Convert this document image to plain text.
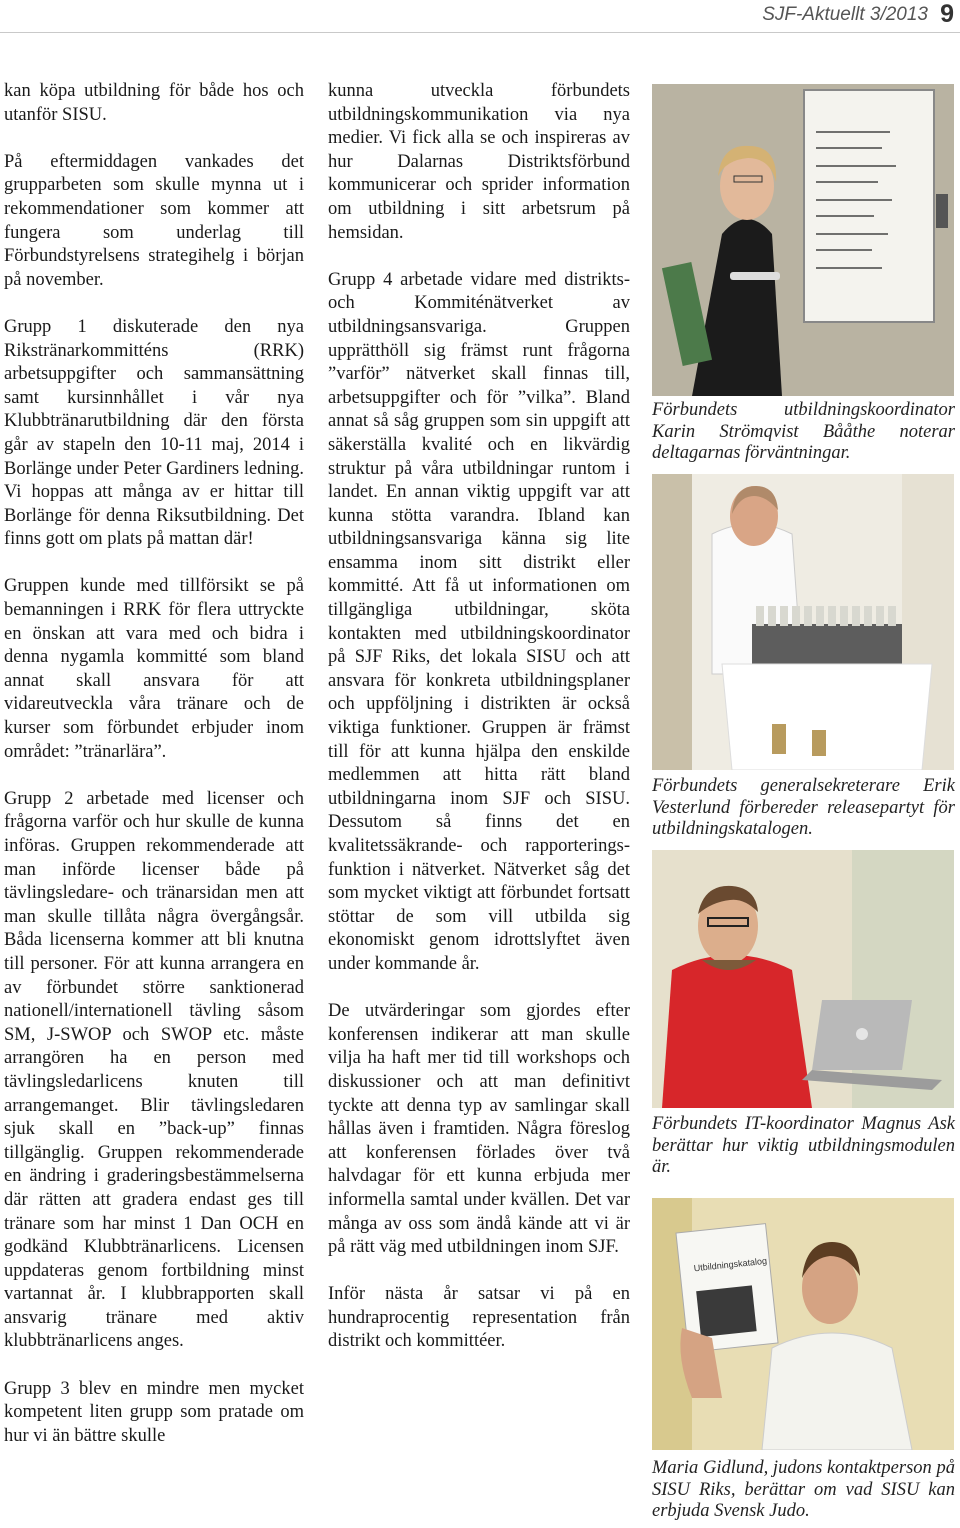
SJF-Aktuellt 3/2013 9

kan köpa utbildning för både hos och utanför SISU.

På eftermiddagen vankades det grupparbeten som skulle mynna ut i rekommendationer som kommer att fungera som underlag till Förbundstyrelsens strategihelg i början på november.

Grupp 1 diskuterade den nya Rikstränarkommitténs (RRK) arbetsuppgifter och sammansättning samt kursinnhållet i vår nya Klubbtränarutbildning där den första går av stapeln den 10-11 maj, 2014 i Borlänge under Peter Gardiners ledning. Vi hoppas att många av er hittar till Borlänge för denna Riksutbildning. Det finns gott om plats på mattan där!

Gruppen kunde med tillförsikt se på bemanningen i RRK för flera uttryckte en önskan att vara med och bidra i denna nygamla kommitté som bland annat skall ansvara för att vidareutveckla våra tränare och de kurser som förbundet erbjuder inom området: ”tränarlära”.

Grupp 2 arbetade med licenser och frågorna varför och hur skulle de kunna införas. Gruppen rekommenderade att man införde licenser både på tävlingsledare- och tränarsidan men att man skulle tillåta några övergångsår. Båda licenserna kommer att bli knutna till personer. För att kunna arrangera en av förbundet större sanktionerad nationell/internationell tävling såsom SM, J-SWOP och SWOP etc. måste arrangören ha en person med tävlingsledarlicens knuten till arrangemanget. Blir tävlingsledaren sjuk skall en ”back-up” finnas tillgänglig. Gruppen rekommenderade en ändring i graderingsbestämmelserna där rätten att gradera endast ges till tränare som har minst 1 Dan OCH en godkänd Klubbtränarlicens. Licensen uppdateras genom fortbildning minst vartannat år. I klubbrapporten skall ansvarig tränare med aktiv klubbtränarlicens anges.

Grupp 3 blev en mindre men mycket kompetent liten grupp som pratade om hur vi än bättre skulle

kunna utveckla förbundets utbildningskommunikation via nya medier. Vi fick alla se och inspireras av hur Dalarnas Distriktsförbund kommunicerar och sprider information om utbildning i sitt arbetsrum på hemsidan.

Grupp 4 arbetade vidare med distrikts- och Kommiténätverket av utbildningsansvariga. Gruppen upprätthöll sig främst runt frågorna ”varför” nätverket skall finnas till, arbetsuppgifter och för ”vilka”. Bland annat så såg gruppen som sin uppgift att säkerställa kvalité och en likvärdig struktur på våra utbildningar runtom i landet. En annan viktig uppgift var att kunna stötta varandra. Ibland kan utbildningsansvariga känna sig lite ensamma inom sitt distrikt eller kommitté. Att få ut informationen om tillgängliga utbildningar, sköta kontakten med utbildningskoordinator på SJF Riks, det lokala SISU och att ansvara för konkreta utbildningsplaner och uppföljning i distrikten är också viktiga funktioner. Gruppen är främst till för att kunna hjälpa den enskilde medlemmen att hitta rätt bland utbildningarna inom SJF och SISU. Dessutom så finns det en kvalitetssäkrande- och rapporterings-funktion i nätverket. Nätverket såg det som mycket viktigt att förbundet fortsatt stöttar de som vill utbilda sig ekonomiskt genom idrottslyftet även under kommande år.

De utvärderingar som gjordes efter konferensen indikerar att man skulle vilja ha haft mer tid till workshops och diskussioner och att man definitivt tyckte att denna typ av samlingar skall hållas även i framtiden. Några föreslog att konferensen förlades över två halvdagar för ett kunna erbjuda mer informella samtal under kvällen. Det var många av oss som ändå kände att vi är på rätt väg med utbildningen inom SJF.

Inför nästa år satsar vi på en hundraprocentig representation från distrikt och kommittéer.

Förbundets utbildningskoordinator Karin Strömqvist Bååthe noterar deltagarnas förväntningar.
Förbundets generalsekreterare Erik Vesterlund förbereder releasepartyt för utbildningskatalogen.
Förbundets IT-koordinator Magnus Ask berättar hur viktig utbildningsmodulen är.
Utbildningskatalog
Maria Gidlund, judons kontaktperson på SISU Riks, berättar om vad SISU kan erbjuda Svensk Judo.
